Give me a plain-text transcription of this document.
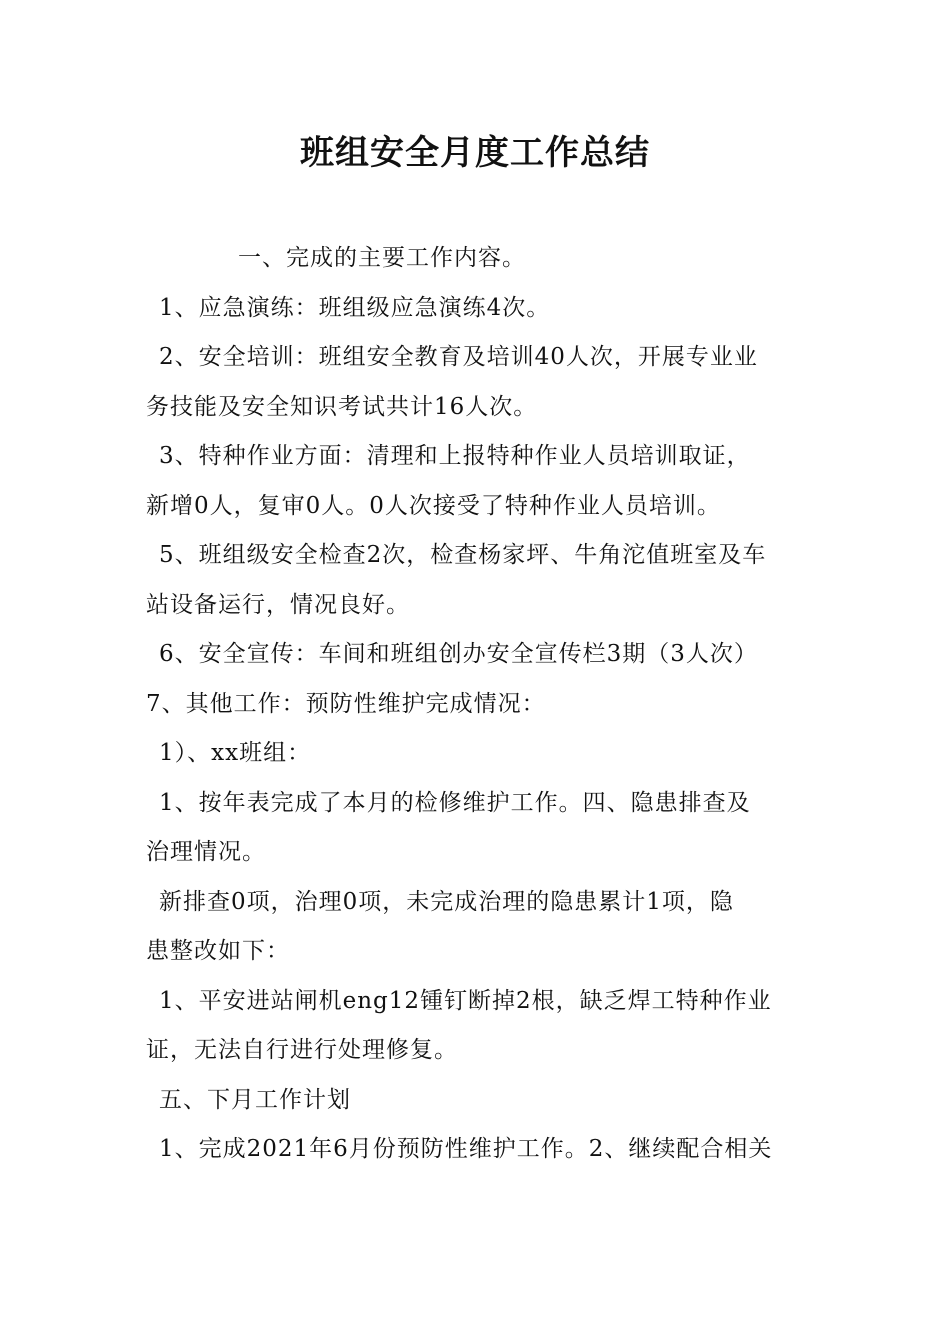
班组安全月度工作总结
一、完成的主要工作内容。
1、应急演练：班组级应急演练4次。
2、安全培训：班组安全教育及培训40人次，开展专业业
务技能及安全知识考试共计16人次。
3、特种作业方面：清理和上报特种作业人员培训取证，
新增0人，复审0人。0人次接受了特种作业人员培训。
5、班组级安全检查2次，检查杨家坪、牛角沱值班室及车
站设备运行，情况良好。
6、安全宣传：车间和班组创办安全宣传栏3期（3人次）
7、其他工作：预防性维护完成情况：
1）、xx班组：
1、按年表完成了本月的检修维护工作。四、隐患排查及
治理情况。
新排查0项，治理0项，未完成治理的隐患累计1项，隐
患整改如下：
1、平安进站闸机eng12锺钉断掉2根，缺乏焊工特种作业
证，无法自行进行处理修复。
五、下月工作计划
1、完成2021年6月份预防性维护工作。2、继续配合相关
